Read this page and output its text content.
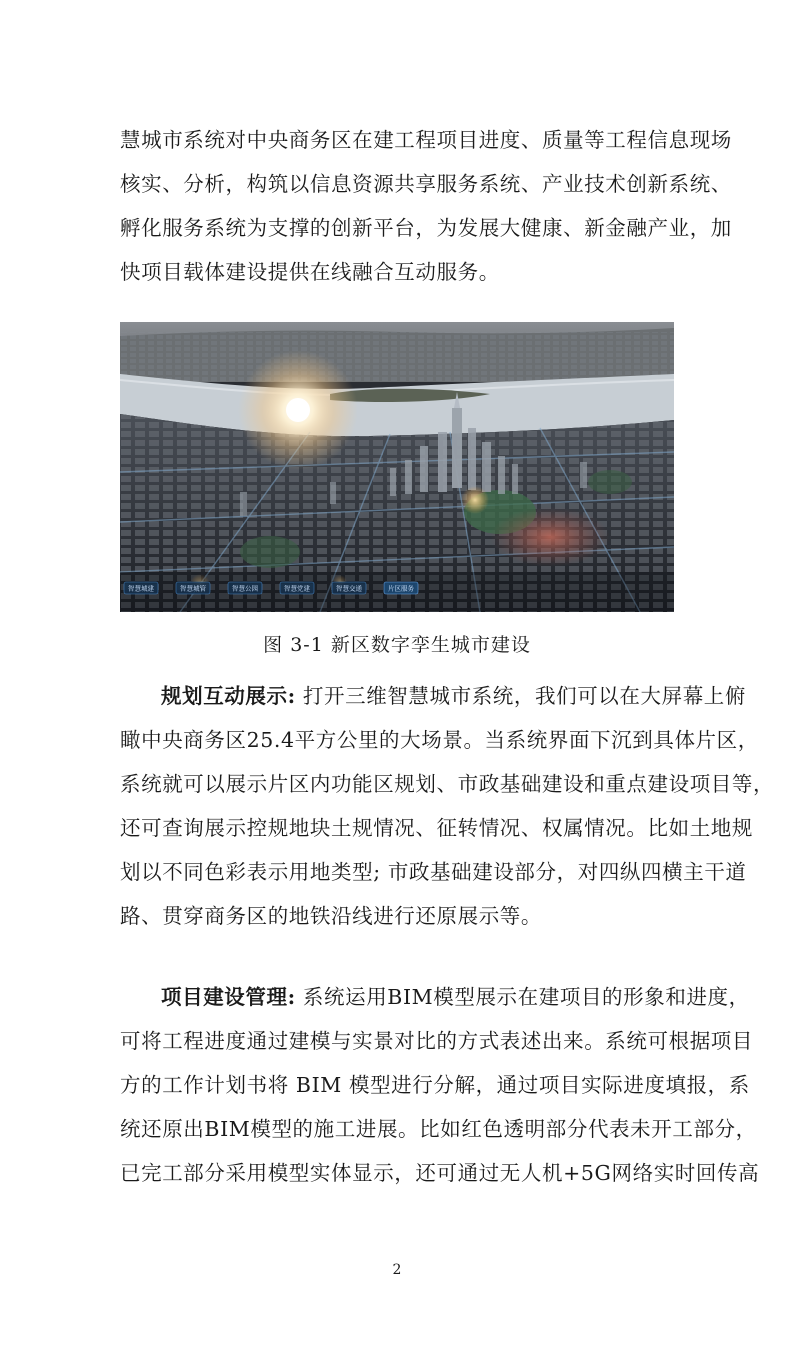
慧城市系统对中央商务区在建工程项目进度、质量等工程信息现场
核实、分析，构筑以信息资源共享服务系统、产业技术创新系统、
孵化服务系统为支撑的创新平台，为发展大健康、新金融产业，加
快项目载体建设提供在线融合互动服务。
智慧城建	智慧城管	智慧公园	智慧党建	智慧交通	片区服务
图 3-1 新区数字孪生城市建设
规划互动展示: 打开三维智慧城市系统，我们可以在大屏幕上俯
瞰中央商务区25.4平方公里的大场景。当系统界面下沉到具体片区，
系统就可以展示片区内功能区规划、市政基础建设和重点建设项目等，
还可查询展示控规地块土规情况、征转情况、权属情况。比如土地规
划以不同色彩表示用地类型; 市政基础建设部分，对四纵四横主干道
路、贯穿商务区的地铁沿线进行还原展示等。
项目建设管理: 系统运用BIM模型展示在建项目的形象和进度，
可将工程进度通过建模与实景对比的方式表述出来。系统可根据项目
方的工作计划书将 BIM 模型进行分解，通过项目实际进度填报，系
统还原出BIM模型的施工进展。比如红色透明部分代表未开工部分，
已完工部分采用模型实体显示，还可通过无人机+5G网络实时回传高
2
